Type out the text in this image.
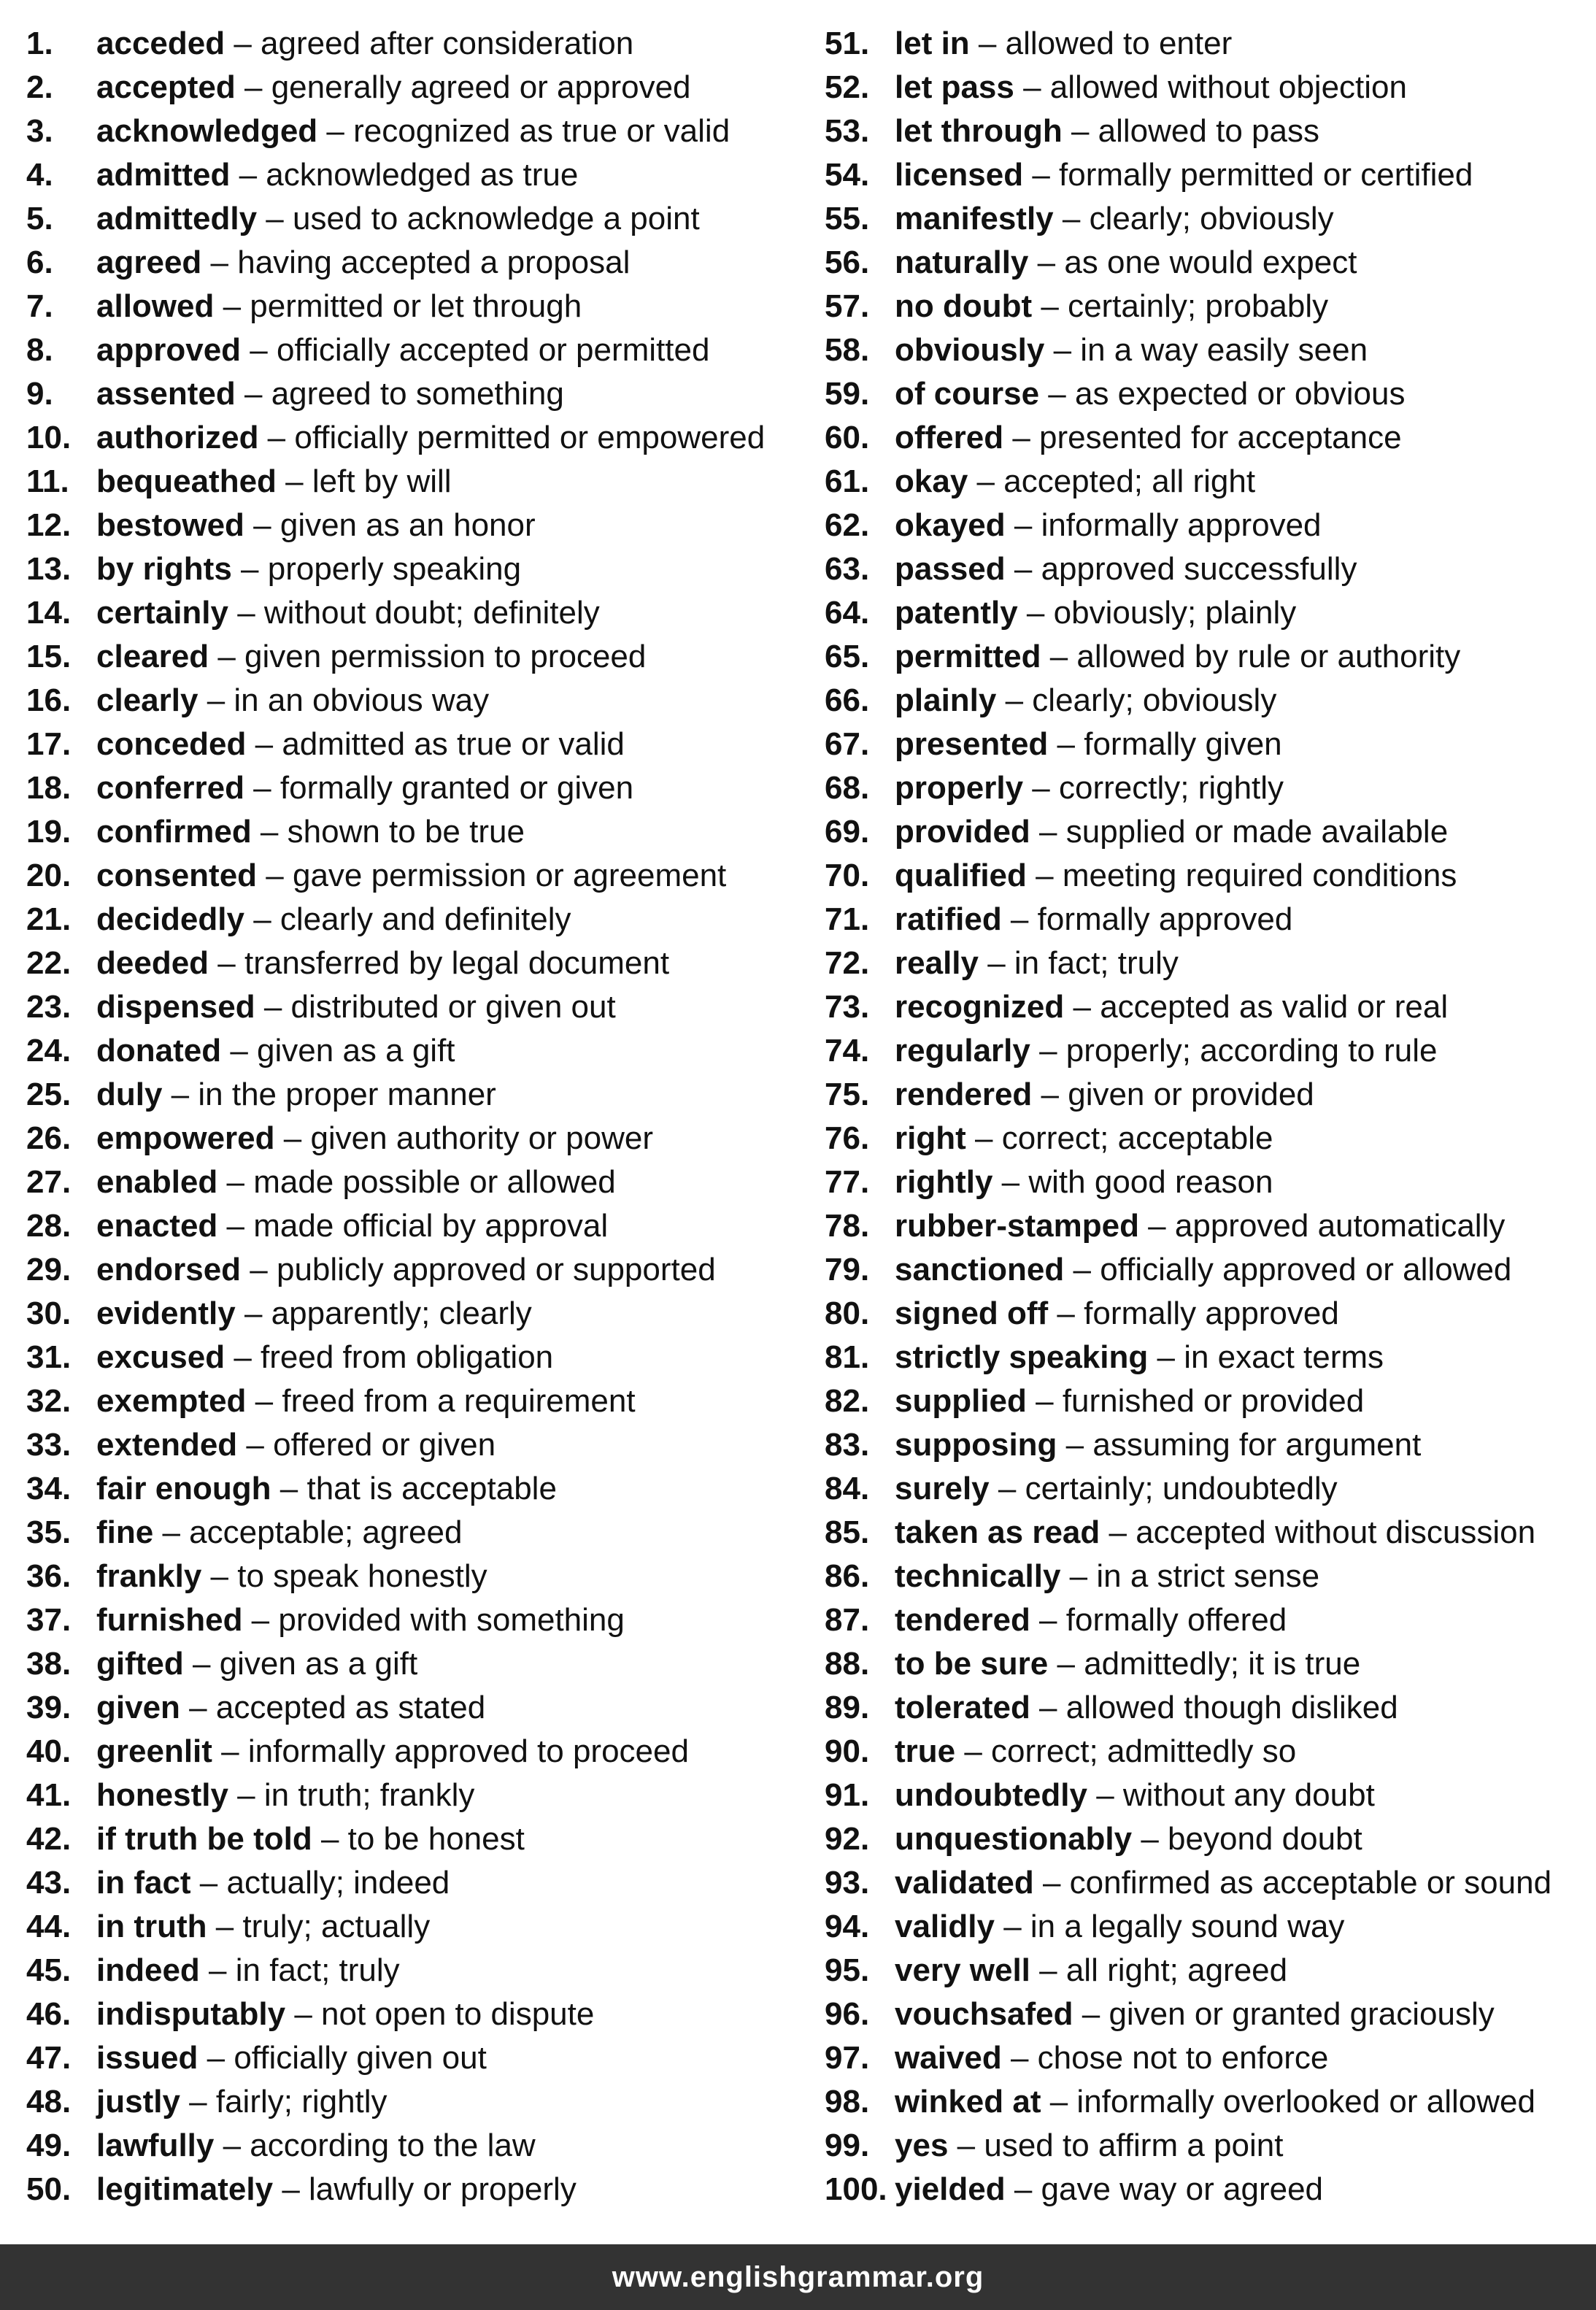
1. acceded – agreed after consideration
2. accepted – generally agreed or approved
3. acknowledged – recognized as true or valid
4. admitted – acknowledged as true
5. admittedly – used to acknowledge a point
6. agreed – having accepted a proposal
7. allowed – permitted or let through
8. approved – officially accepted or permitted
9. assented – agreed to something
10. authorized – officially permitted or empowered
11. bequeathed – left by will
12. bestowed – given as an honor
13. by rights – properly speaking
14. certainly – without doubt; definitely
15. cleared – given permission to proceed
16. clearly – in an obvious way
17. conceded – admitted as true or valid
18. conferred – formally granted or given
19. confirmed – shown to be true
20. consented – gave permission or agreement
21. decidedly – clearly and definitely
22. deeded – transferred by legal document
23. dispensed – distributed or given out
24. donated – given as a gift
25. duly – in the proper manner
26. empowered – given authority or power
27. enabled – made possible or allowed
28. enacted – made official by approval
29. endorsed – publicly approved or supported
30. evidently – apparently; clearly
31. excused – freed from obligation
32. exempted – freed from a requirement
33. extended – offered or given
34. fair enough – that is acceptable
35. fine – acceptable; agreed
36. frankly – to speak honestly
37. furnished – provided with something
38. gifted – given as a gift
39. given – accepted as stated
40. greenlit – informally approved to proceed
41. honestly – in truth; frankly
42. if truth be told – to be honest
43. in fact – actually; indeed
44. in truth – truly; actually
45. indeed – in fact; truly
46. indisputably – not open to dispute
47. issued – officially given out
48. justly – fairly; rightly
49. lawfully – according to the law
50. legitimately – lawfully or properly
51. let in – allowed to enter
52. let pass – allowed without objection
53. let through – allowed to pass
54. licensed – formally permitted or certified
55. manifestly – clearly; obviously
56. naturally – as one would expect
57. no doubt – certainly; probably
58. obviously – in a way easily seen
59. of course – as expected or obvious
60. offered – presented for acceptance
61. okay – accepted; all right
62. okayed – informally approved
63. passed – approved successfully
64. patently – obviously; plainly
65. permitted – allowed by rule or authority
66. plainly – clearly; obviously
67. presented – formally given
68. properly – correctly; rightly
69. provided – supplied or made available
70. qualified – meeting required conditions
71. ratified – formally approved
72. really – in fact; truly
73. recognized – accepted as valid or real
74. regularly – properly; according to rule
75. rendered – given or provided
76. right – correct; acceptable
77. rightly – with good reason
78. rubber-stamped – approved automatically
79. sanctioned – officially approved or allowed
80. signed off – formally approved
81. strictly speaking – in exact terms
82. supplied – furnished or provided
83. supposing – assuming for argument
84. surely – certainly; undoubtedly
85. taken as read – accepted without discussion
86. technically – in a strict sense
87. tendered – formally offered
88. to be sure – admittedly; it is true
89. tolerated – allowed though disliked
90. true – correct; admittedly so
91. undoubtedly – without any doubt
92. unquestionably – beyond doubt
93. validated – confirmed as acceptable or sound
94. validly – in a legally sound way
95. very well – all right; agreed
96. vouchsafed – given or granted graciously
97. waived – chose not to enforce
98. winked at – informally overlooked or allowed
99. yes – used to affirm a point
100. yielded – gave way or agreed
www.englishgrammar.org
